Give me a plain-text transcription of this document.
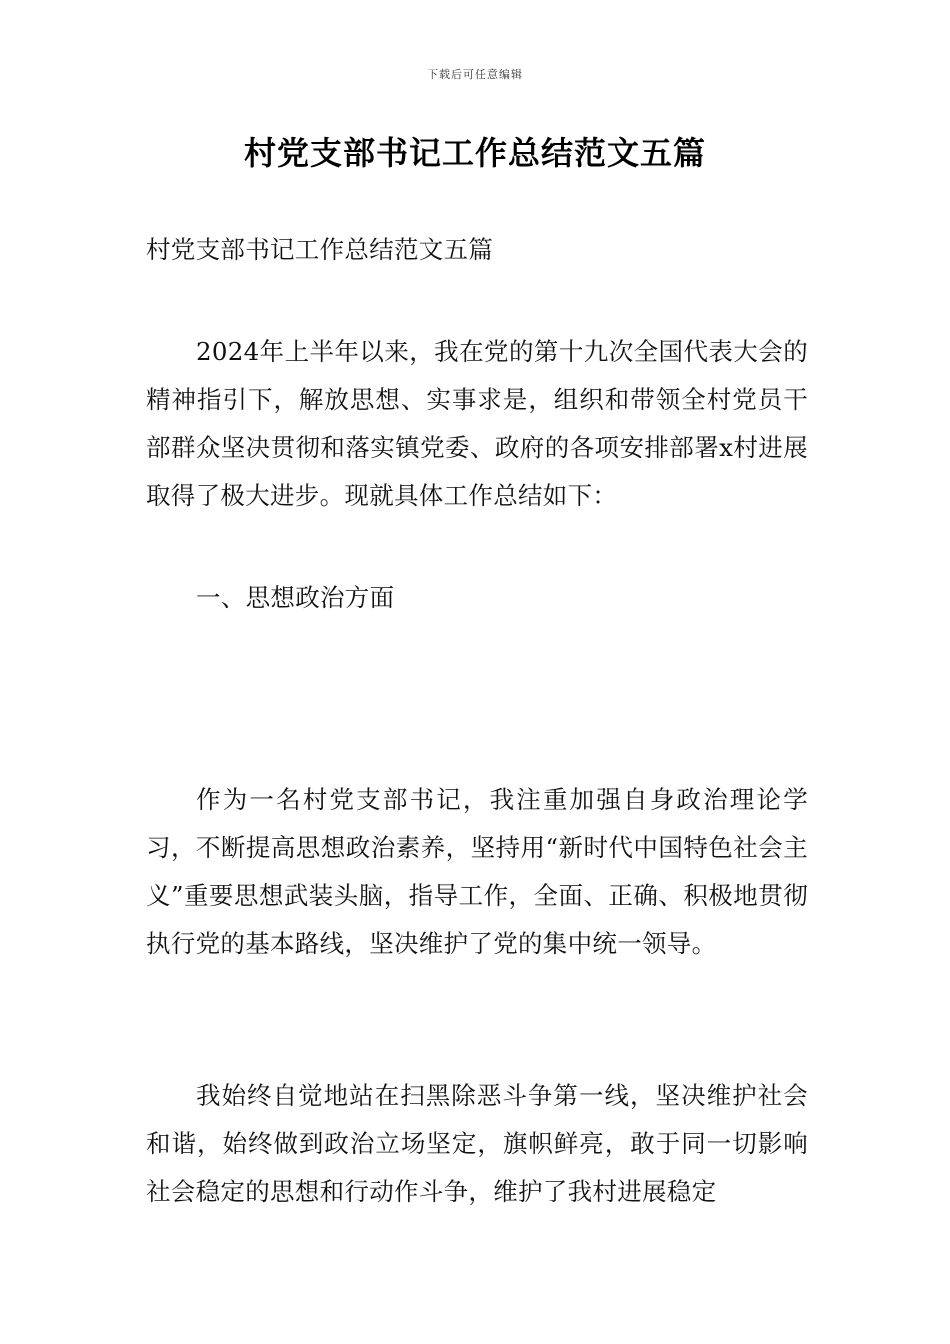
下载后可任意编辑
村党支部书记工作总结范文五篇

村党支部书记工作总结范文五篇

2024年上半年以来，我在党的第十九次全国代表大会的精神指引下，解放思想、实事求是，组织和带领全村党员干部群众坚决贯彻和落实镇党委、政府的各项安排部署x村进展取得了极大进步。现就具体工作总结如下：

一、思想政治方面

作为一名村党支部书记，我注重加强自身政治理论学习，不断提高思想政治素养，坚持用“新时代中国特色社会主义”重要思想武装头脑，指导工作，全面、正确、积极地贯彻执行党的基本路线，坚决维护了党的集中统一领导。

我始终自觉地站在扫黑除恶斗争第一线，坚决维护社会和谐，始终做到政治立场坚定，旗帜鲜亮，敢于同一切影响社会稳定的思想和行动作斗争，维护了我村进展稳定
